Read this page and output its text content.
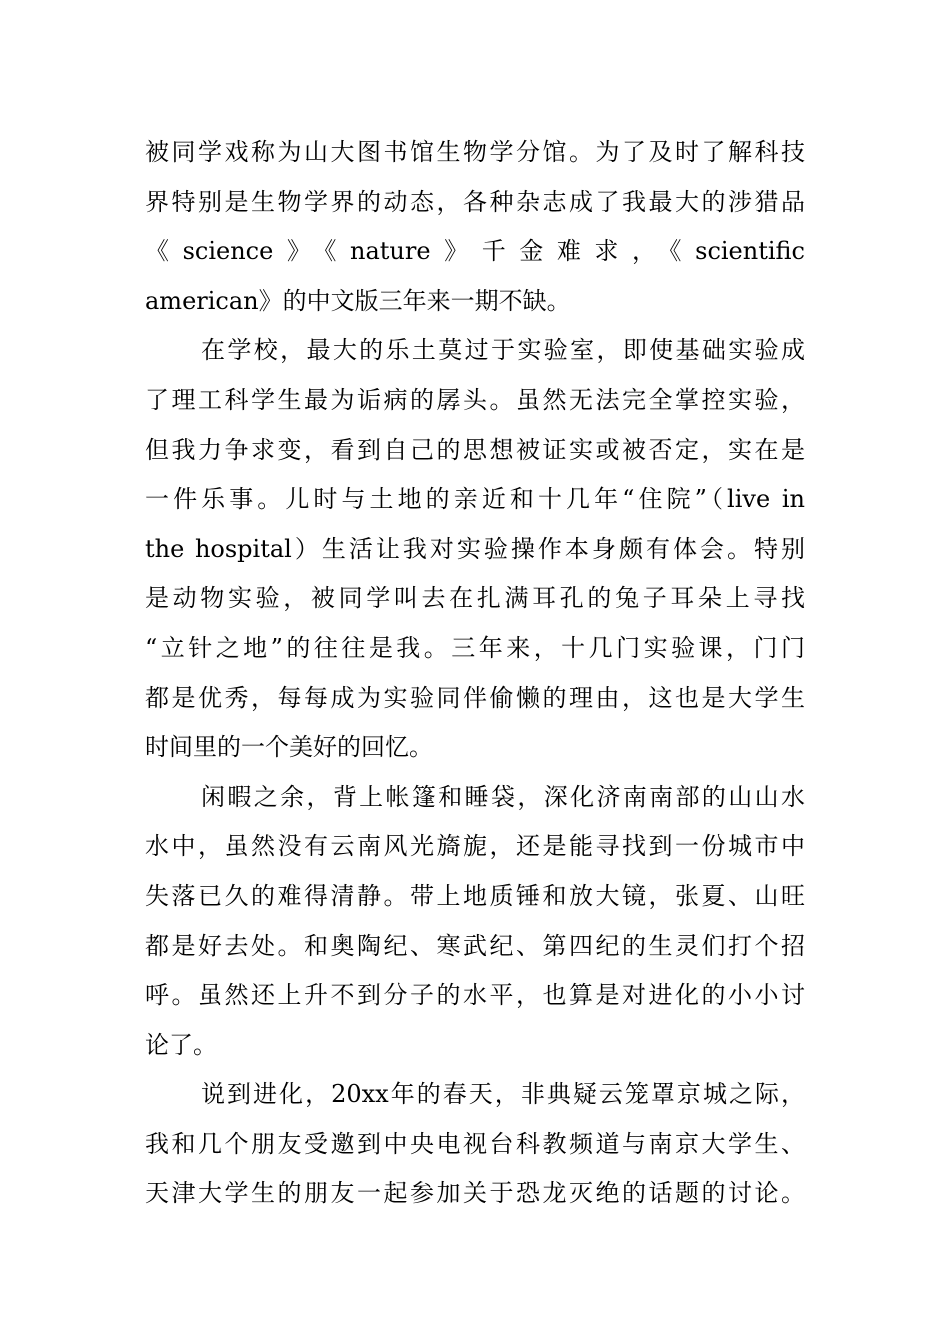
被同学戏称为山大图书馆生物学分馆。为了及时了解科技
界特别是生物学界的动态，各种杂志成了我最大的涉猎品
《science》《nature》千金难求，《scientific
american》的中文版三年来一期不缺。
在学校，最大的乐土莫过于实验室，即使基础实验成
了理工科学生最为诟病的孱头。虽然无法完全掌控实验，
但我力争求变，看到自己的思想被证实或被否定，实在是
一件乐事。儿时与土地的亲近和十几年“住院”（live in
the hospital）生活让我对实验操作本身颇有体会。特别
是动物实验，被同学叫去在扎满耳孔的兔子耳朵上寻找
“立针之地”的往往是我。三年来，十几门实验课，门门
都是优秀，每每成为实验同伴偷懒的理由，这也是大学生
时间里的一个美好的回忆。
闲暇之余，背上帐篷和睡袋，深化济南南部的山山水
水中，虽然没有云南风光旖旎，还是能寻找到一份城市中
失落已久的难得清静。带上地质锤和放大镜，张夏、山旺
都是好去处。和奥陶纪、寒武纪、第四纪的生灵们打个招
呼。虽然还上升不到分子的水平，也算是对进化的小小讨
论了。
说到进化，20xx年的春天，非典疑云笼罩京城之际，
我和几个朋友受邀到中央电视台科教频道与南京大学生、
天津大学生的朋友一起参加关于恐龙灭绝的话题的讨论。
